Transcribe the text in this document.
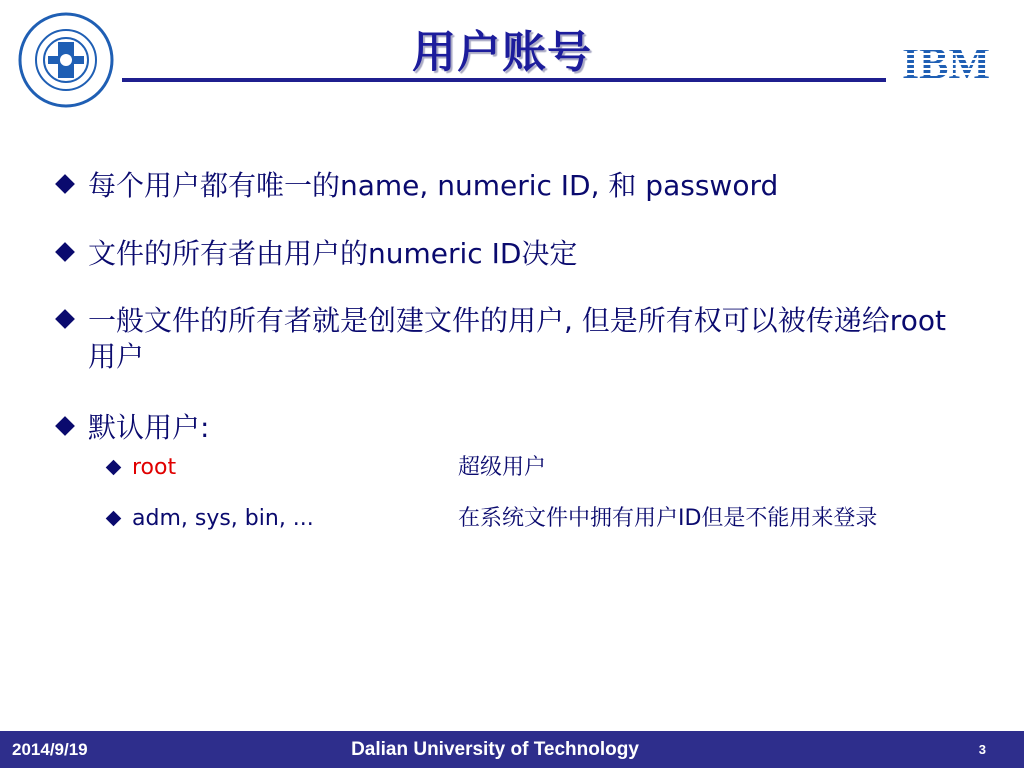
用户账号	IBM
每个用户都有唯一的name, numeric ID, 和 password
文件的所有者由用户的numeric ID决定
一般文件的所有者就是创建文件的用户, 但是所有权可以被传递给root用户
默认用户:
root	超级用户
adm, sys, bin, ...	在系统文件中拥有用户ID但是不能用来登录
2014/9/19	Dalian University of Technology	3
